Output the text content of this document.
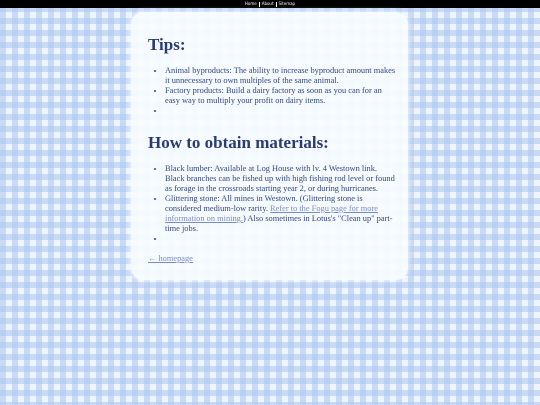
Home	About	Sitemap
Tips:
• Animal byproducts: The ability to increase byproduct amount makes it unnecessary to own multiples of the same animal.
• Factory products: Build a dairy factory as soon as you can for an easy way to multiply your profit on dairy items.
•
How to obtain materials:
• Black lumber: Available at Log House with lv. 4 Westown link. Black branches can be fished up with high fishing rod level or found as forage in the crossroads starting year 2, or during hurricanes.
• Glittering stone: All mines in Westown. (Glittering stone is considered medium-low rarity. Refer to the Fogu page for more information on mining.) Also sometimes in Lotus's "Clean up" part-time jobs.
•
← homepage
